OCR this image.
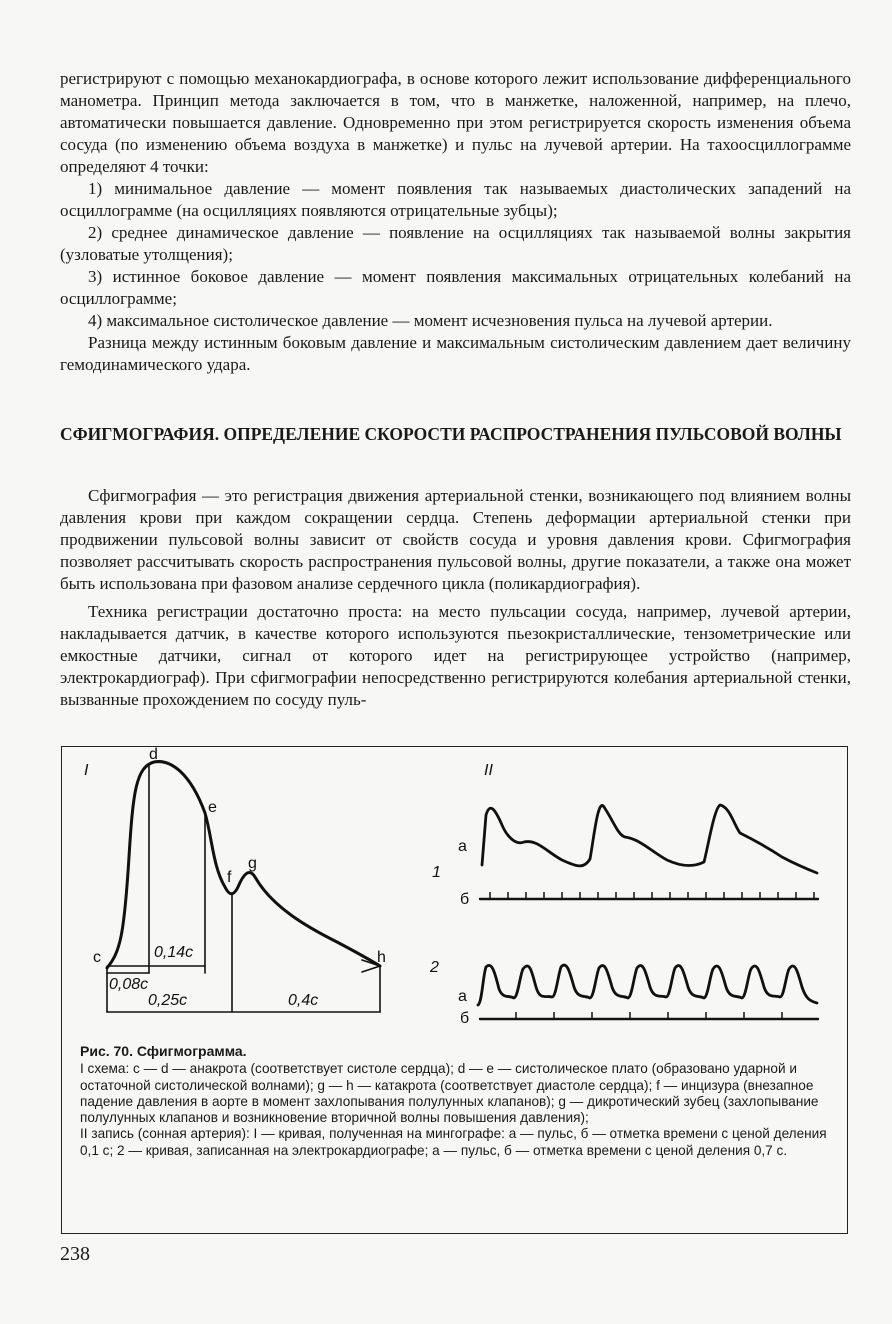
регистрируют с помощью механокардиографа, в основе которого лежит использование дифференциального манометра. Принцип метода заключается в том, что в манжетке, наложенной, например, на плечо, автоматически повышается давление. Одновременно при этом регистрируется скорость изменения объема сосуда (по изменению объема воздуха в манжетке) и пульс на лучевой артерии. На тахоосциллограмме определяют 4 точки:

1) минимальное давление — момент появления так называемых диастолических западений на осциллограмме (на осцилляциях появляются отрицательные зубцы);

2) среднее динамическое давление — появление на осцилляциях так называемой волны закрытия (узловатые утолщения);

3) истинное боковое давление — момент появления максимальных отрицательных колебаний на осциллограмме;

4) максимальное систолическое давление — момент исчезновения пульса на лучевой артерии.

Разница между истинным боковым давление и максимальным систолическим давлением дает величину гемодинамического удара.

СФИГМОГРАФИЯ. ОПРЕДЕЛЕНИЕ СКОРОСТИ РАСПРОСТРАНЕНИЯ ПУЛЬСОВОЙ ВОЛНЫ

Сфигмография — это регистрация движения артериальной стенки, возникающего под влиянием волны давления крови при каждом сокращении сердца. Степень деформации артериальной стенки при продвижении пульсовой волны зависит от свойств сосуда и уровня давления крови. Сфигмография позволяет рассчитывать скорость распространения пульсовой волны, другие показатели, а также она может быть использована при фазовом анализе сердечного цикла (поликардиография).

Техника регистрации достаточно проста: на место пульсации сосуда, например, лучевой артерии, накладывается датчик, в качестве которого используются пьезокристаллические, тензометрические или емкостные датчики, сигнал от которого идет на регистрирующее устройство (например, электрокардиограф). При сфигмографии непосредственно регистрируются колебания артериальной стенки, вызванные прохождением по сосуду пуль-

I	II
d
e
f
g
c	h
0,14c
0,08c
0,25c	0,4c
1
а
б
2
а
б

Рис. 70. Сфигмограмма.

I схема: c — d — анакрота (соответствует систоле сердца); d — e — систолическое плато (образовано ударной и остаточной систолической волнами); g — h — катакрота (соответствует диастоле сердца); f — инцизура (внезапное падение давления в аорте в момент захлопывания полулунных клапанов); g — дикротический зубец (захлопывание полулунных клапанов и возникновение вторичной волны повышения давления);

II запись (сонная артерия): I — кривая, полученная на мингографе: а — пульс, б — отметка времени с ценой деления 0,1 с; 2 — кривая, записанная на электрокардиографе; а — пульс, б — отметка времени с ценой деления 0,7 с.

238
